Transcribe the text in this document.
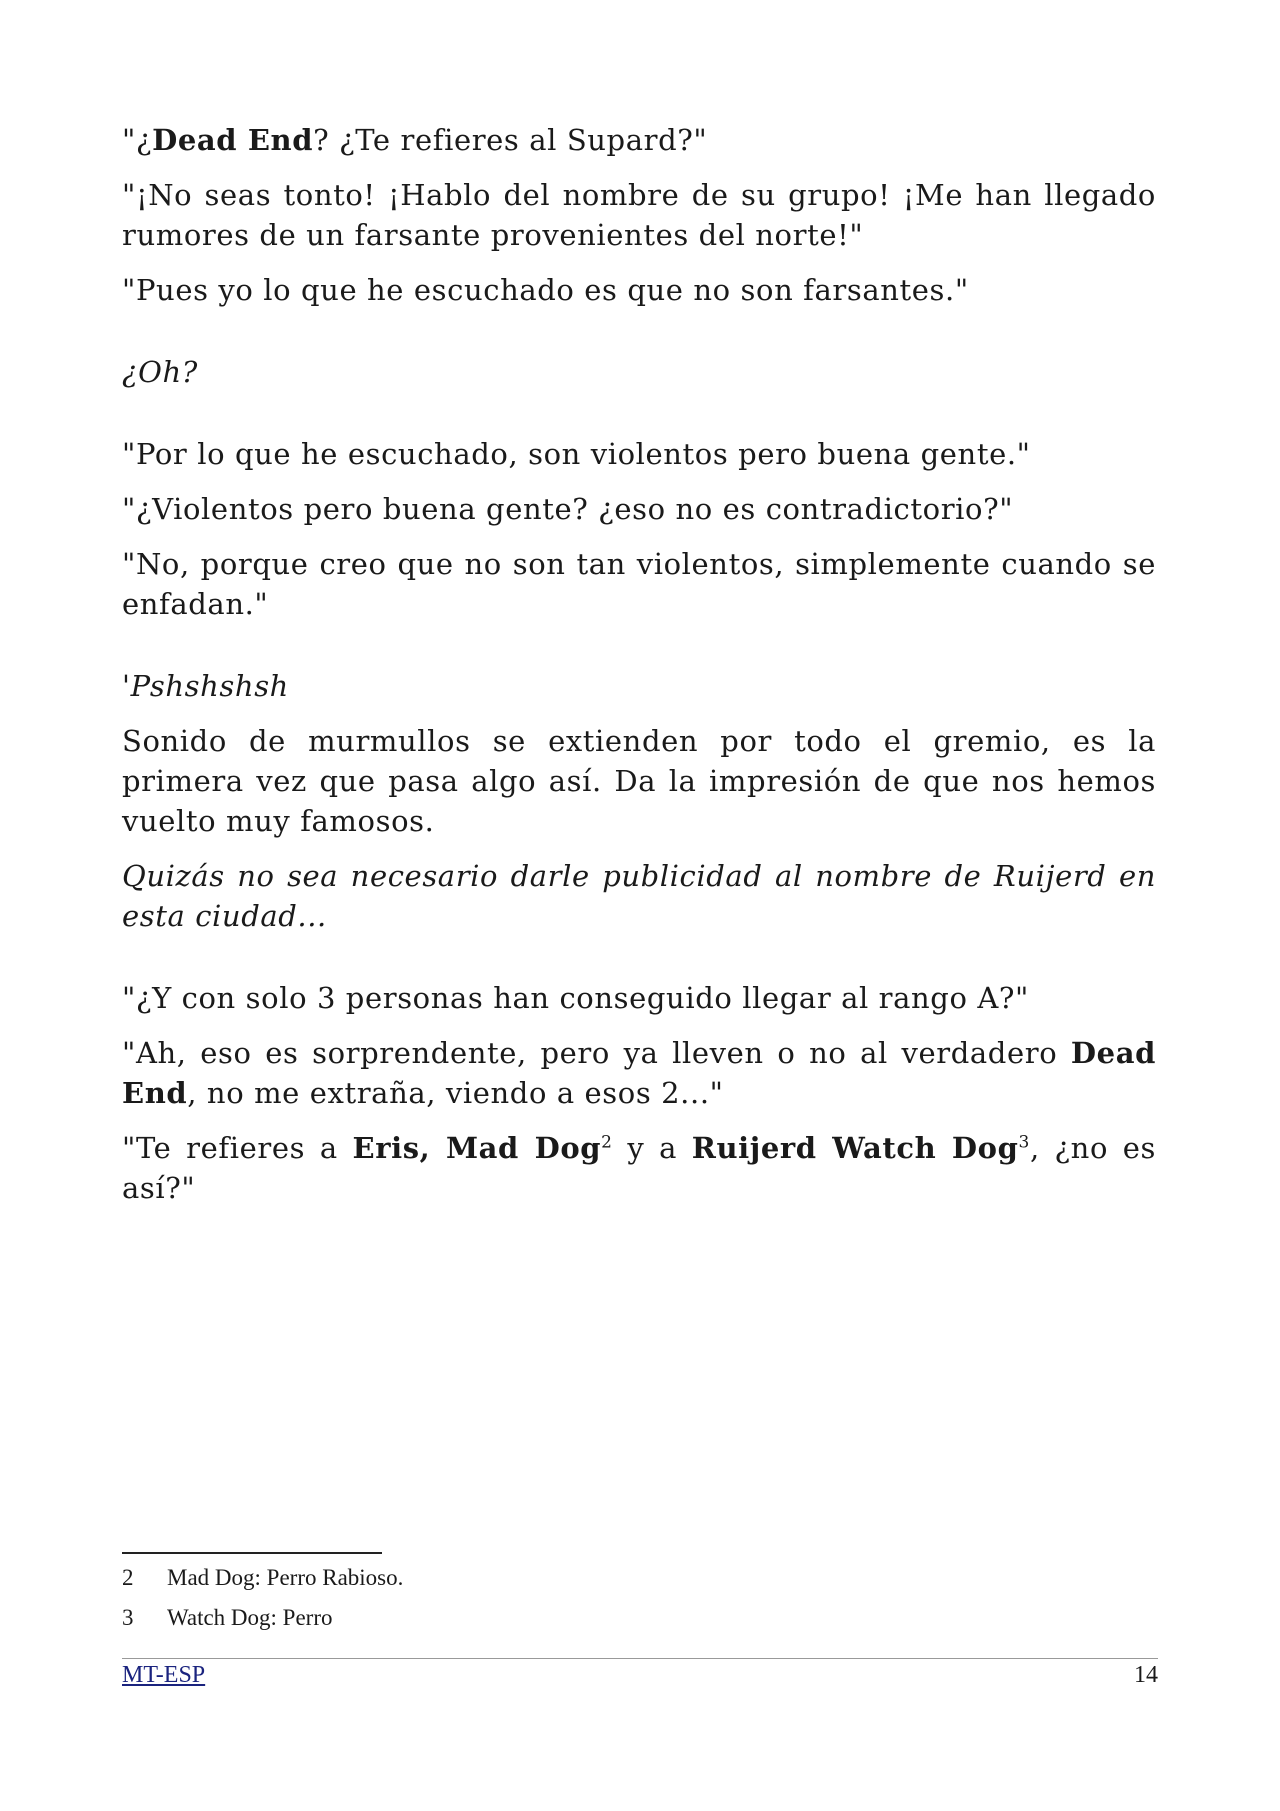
"¿Dead End? ¿Te refieres al Supard?"

"¡No seas tonto! ¡Hablo del nombre de su grupo! ¡Me han llegado rumores de un farsante provenientes del norte!"

"Pues yo lo que he escuchado es que no son farsantes."

¿Oh?

"Por lo que he escuchado, son violentos pero buena gente."

"¿Violentos pero buena gente? ¿eso no es contradictorio?"

"No, porque creo que no son tan violentos, simplemente cuando se enfadan."

'Pshshshsh

Sonido de murmullos se extienden por todo el gremio, es la primera vez que pasa algo así. Da la impresión de que nos hemos vuelto muy famosos.

Quizás no sea necesario darle publicidad al nombre de Ruijerd en esta ciudad...

"¿Y con solo 3 personas han conseguido llegar al rango A?"

"Ah, eso es sorprendente, pero ya lleven o no al verdadero Dead End, no me extraña, viendo a esos 2..."

"Te refieres a Eris, Mad Dog$^2$ y a Ruijerd Watch Dog$^3$, ¿no es así?"

2	Mad Dog: Perro Rabioso.
3	Watch Dog: Perro
MT-ESP	14
